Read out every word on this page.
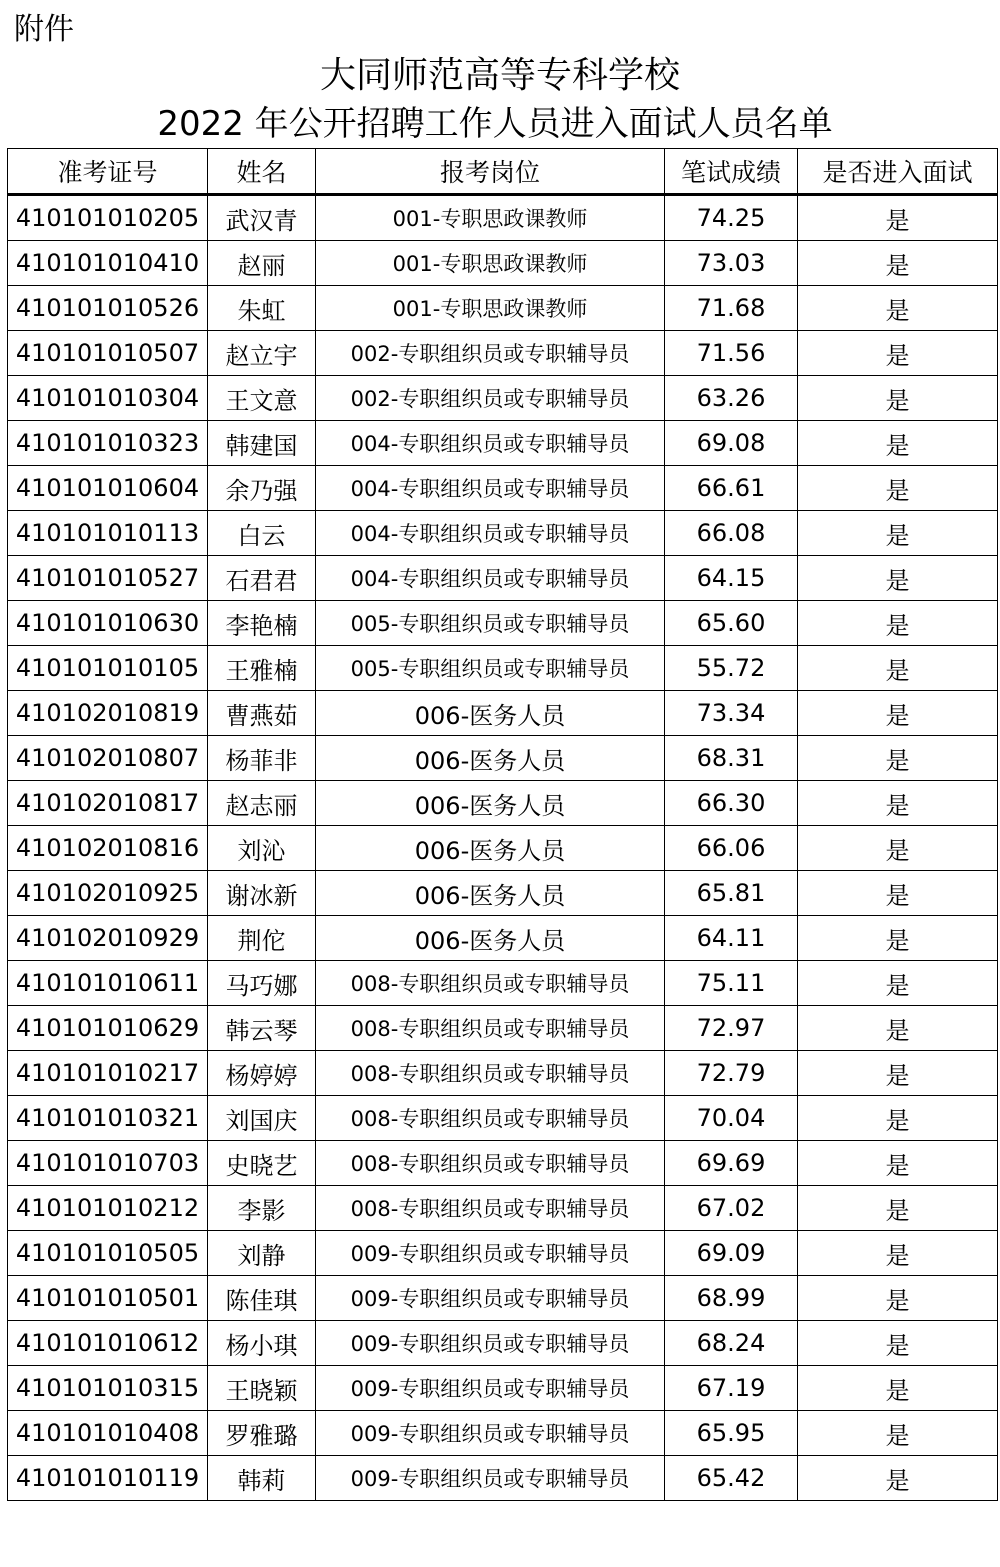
附件
大同师范高等专科学校
2022 年公开招聘工作人员进入面试人员名单
准考证号	姓名	报考岗位	笔试成绩	是否进入面试
410101010205	武汉青	001-专职思政课教师	74.25	是
410101010410	赵丽	001-专职思政课教师	73.03	是
410101010526	朱虹	001-专职思政课教师	71.68	是
410101010507	赵立宇	002-专职组织员或专职辅导员	71.56	是
410101010304	王文意	002-专职组织员或专职辅导员	63.26	是
410101010323	韩建国	004-专职组织员或专职辅导员	69.08	是
410101010604	余乃强	004-专职组织员或专职辅导员	66.61	是
410101010113	白云	004-专职组织员或专职辅导员	66.08	是
410101010527	石君君	004-专职组织员或专职辅导员	64.15	是
410101010630	李艳楠	005-专职组织员或专职辅导员	65.60	是
410101010105	王雅楠	005-专职组织员或专职辅导员	55.72	是
410102010819	曹燕茹	006-医务人员	73.34	是
410102010807	杨菲非	006-医务人员	68.31	是
410102010817	赵志丽	006-医务人员	66.30	是
410102010816	刘沁	006-医务人员	66.06	是
410102010925	谢冰新	006-医务人员	65.81	是
410102010929	荆佗	006-医务人员	64.11	是
410101010611	马巧娜	008-专职组织员或专职辅导员	75.11	是
410101010629	韩云琴	008-专职组织员或专职辅导员	72.97	是
410101010217	杨婷婷	008-专职组织员或专职辅导员	72.79	是
410101010321	刘国庆	008-专职组织员或专职辅导员	70.04	是
410101010703	史晓艺	008-专职组织员或专职辅导员	69.69	是
410101010212	李影	008-专职组织员或专职辅导员	67.02	是
410101010505	刘静	009-专职组织员或专职辅导员	69.09	是
410101010501	陈佳琪	009-专职组织员或专职辅导员	68.99	是
410101010612	杨小琪	009-专职组织员或专职辅导员	68.24	是
410101010315	王晓颖	009-专职组织员或专职辅导员	67.19	是
410101010408	罗雅璐	009-专职组织员或专职辅导员	65.95	是
410101010119	韩莉	009-专职组织员或专职辅导员	65.42	是
